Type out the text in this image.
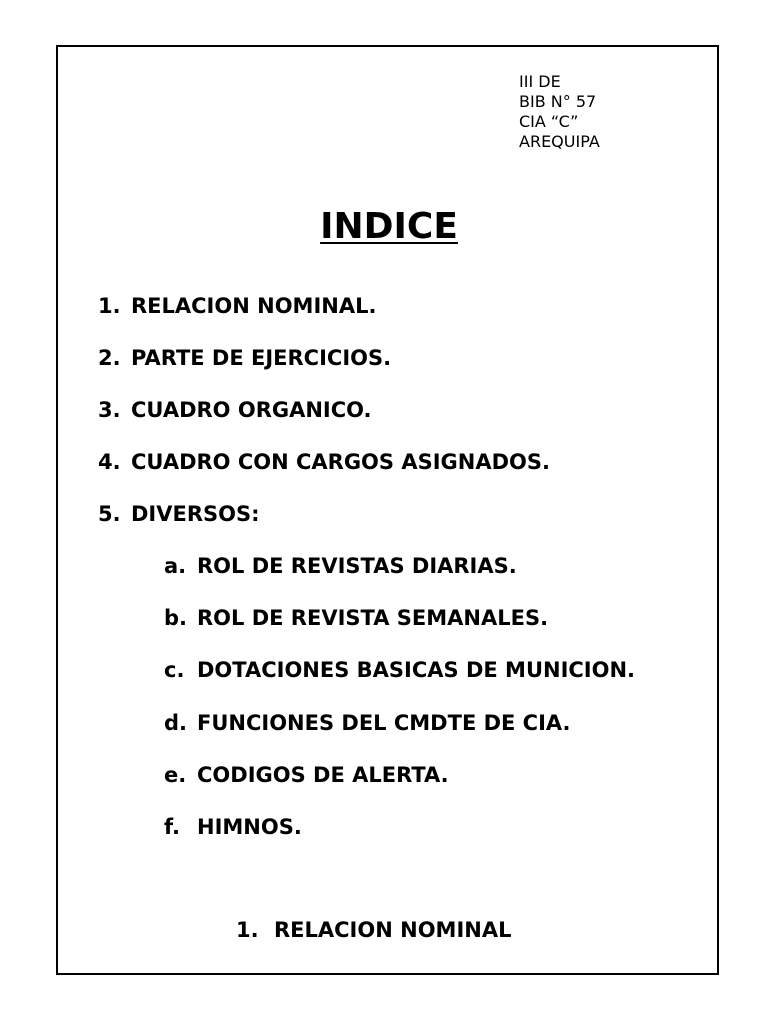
III DE
BIB N° 57
CIA “C”
AREQUIPA
INDICE
1. RELACION NOMINAL.
2. PARTE DE EJERCICIOS.
3. CUADRO ORGANICO.
4. CUADRO CON CARGOS ASIGNADOS.
5. DIVERSOS:
a. ROL DE REVISTAS DIARIAS.
b. ROL DE REVISTA SEMANALES.
c. DOTACIONES BASICAS DE MUNICION.
d. FUNCIONES DEL CMDTE DE CIA.
e. CODIGOS DE ALERTA.
f. HIMNOS.
1. RELACION NOMINAL
